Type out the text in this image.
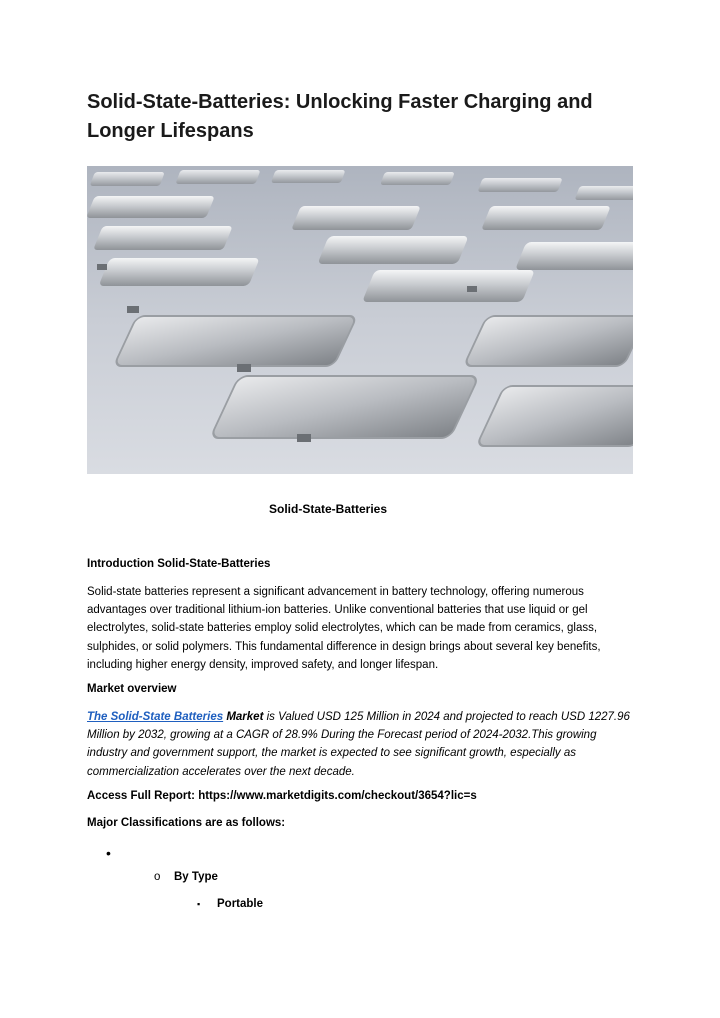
Solid-State-Batteries: Unlocking Faster Charging and Longer Lifespans
Solid-State-Batteries

Introduction Solid-State-Batteries

Solid-state batteries represent a significant advancement in battery technology, offering numerous advantages over traditional lithium-ion batteries. Unlike conventional batteries that use liquid or gel electrolytes, solid-state batteries employ solid electrolytes, which can be made from ceramics, glass, sulphides, or solid polymers. This fundamental difference in design brings about several key benefits, including higher energy density, improved safety, and longer lifespan.

Market overview

The Solid-State Batteries Market is Valued USD 125 Million in 2024 and projected to reach USD 1227.96 Million by 2032, growing at a CAGR of 28.9% During the Forecast period of 2024-2032.This growing industry and government support, the market is expected to see significant growth, especially as commercialization accelerates over the next decade.

Access Full Report: https://www.marketdigits.com/checkout/3654?lic=s

Major Classifications are as follows:

•
o By Type
▪ Portable
